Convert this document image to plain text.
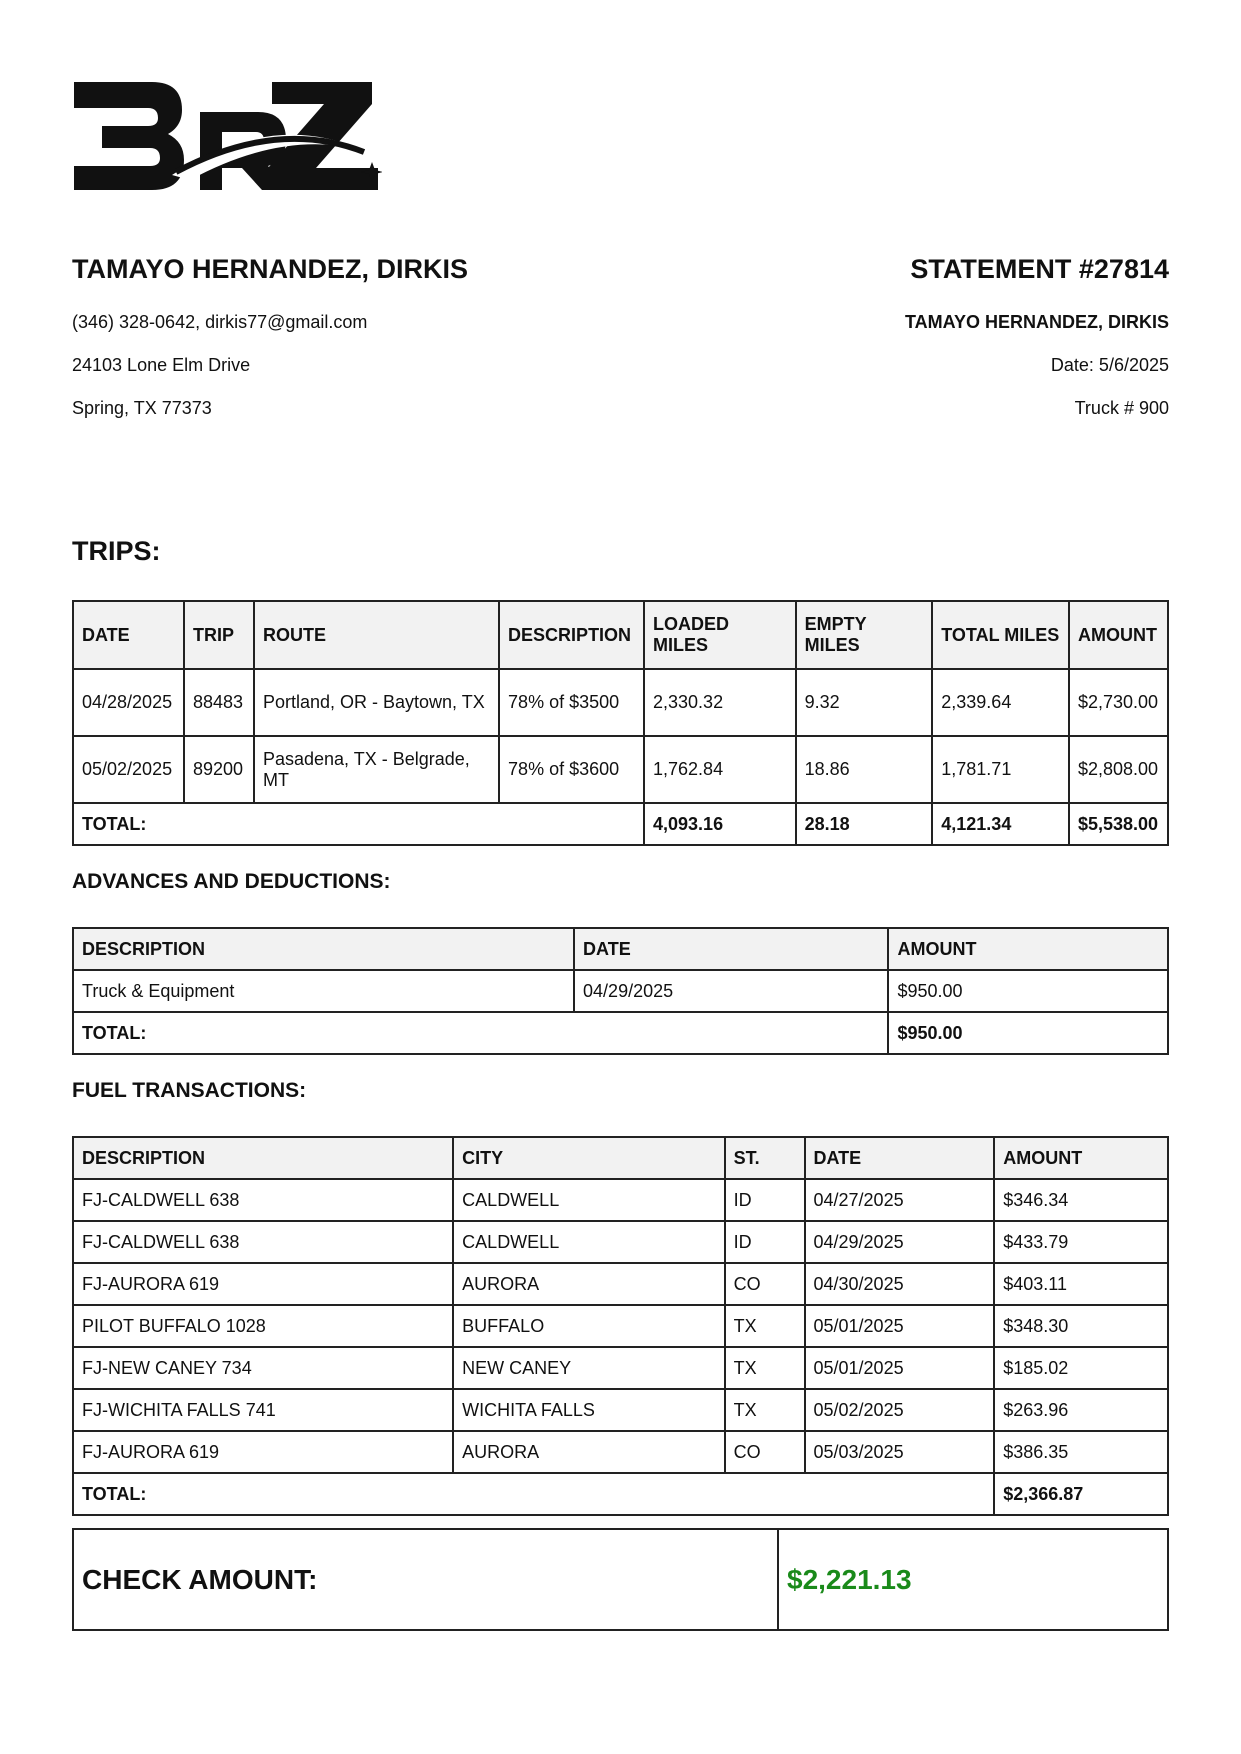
TAMAYO HERNANDEZ, DIRKIS	STATEMENT #27814
(346) 328-0642, dirkis77@gmail.com
24103 Lone Elm Drive
Spring, TX 77373
TAMAYO HERNANDEZ, DIRKIS
Date: 5/6/2025
Truck # 900
TRIPS:
DATE	TRIP	ROUTE	DESCRIPTION	LOADED MILES	EMPTY MILES	TOTAL MILES	AMOUNT
04/28/2025	88483	Portland, OR - Baytown, TX	78% of $3500	2,330.32	9.32	2,339.64	$2,730.00
05/02/2025	89200	Pasadena, TX - Belgrade, MT	78% of $3600	1,762.84	18.86	1,781.71	$2,808.00
TOTAL:				4,093.16	28.18	4,121.34	$5,538.00
ADVANCES AND DEDUCTIONS:
DESCRIPTION	DATE	AMOUNT
Truck & Equipment	04/29/2025	$950.00
TOTAL:		$950.00
FUEL TRANSACTIONS:
DESCRIPTION	CITY	ST.	DATE	AMOUNT
FJ-CALDWELL 638	CALDWELL	ID	04/27/2025	$346.34
FJ-CALDWELL 638	CALDWELL	ID	04/29/2025	$433.79
FJ-AURORA 619	AURORA	CO	04/30/2025	$403.11
PILOT BUFFALO 1028	BUFFALO	TX	05/01/2025	$348.30
FJ-NEW CANEY 734	NEW CANEY	TX	05/01/2025	$185.02
FJ-WICHITA FALLS 741	WICHITA FALLS	TX	05/02/2025	$263.96
FJ-AURORA 619	AURORA	CO	05/03/2025	$386.35
TOTAL:				$2,366.87
CHECK AMOUNT:	$2,221.13
